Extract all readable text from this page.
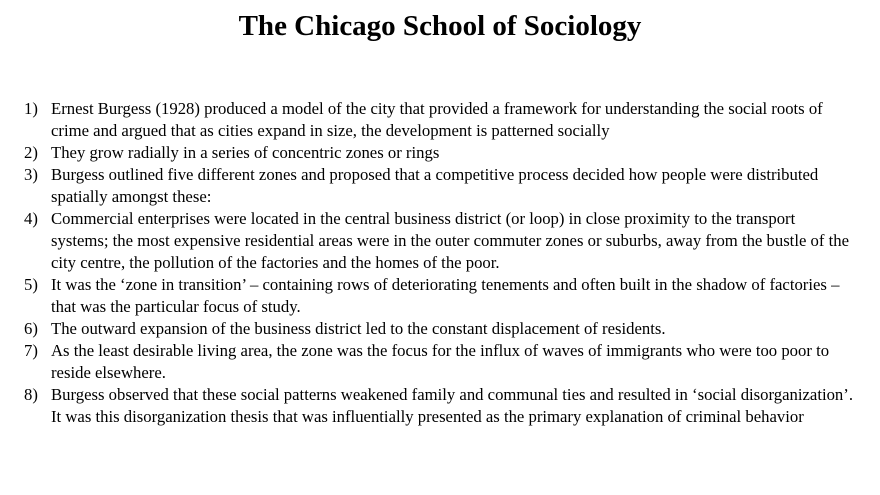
The Chicago School of Sociology
1) Ernest Burgess (1928) produced a model of the city that provided a framework for understanding the social roots of crime and argued that as cities expand in size, the development is patterned socially
2) They grow radially in a series of concentric zones or rings
3) Burgess outlined five different zones and proposed that a competitive process decided how people were distributed spatially amongst these:
4) Commercial enterprises were located in the central business district (or loop) in close proximity to the transport systems; the most expensive residential areas were in the outer commuter zones or suburbs, away from the bustle of the city centre, the pollution of the factories and the homes of the poor.
5) It was the ‘zone in transition’ – containing rows of deteriorating tenements and often built in the shadow of factories – that was the particular focus of study.
6) The outward expansion of the business district led to the constant displacement of residents.
7) As the least desirable living area, the zone was the focus for the influx of waves of immigrants who were too poor to reside elsewhere.
8) Burgess observed that these social patterns weakened family and communal ties and resulted in ‘social disorganization’. It was this disorganization thesis that was influentially presented as the primary explanation of criminal behavior
